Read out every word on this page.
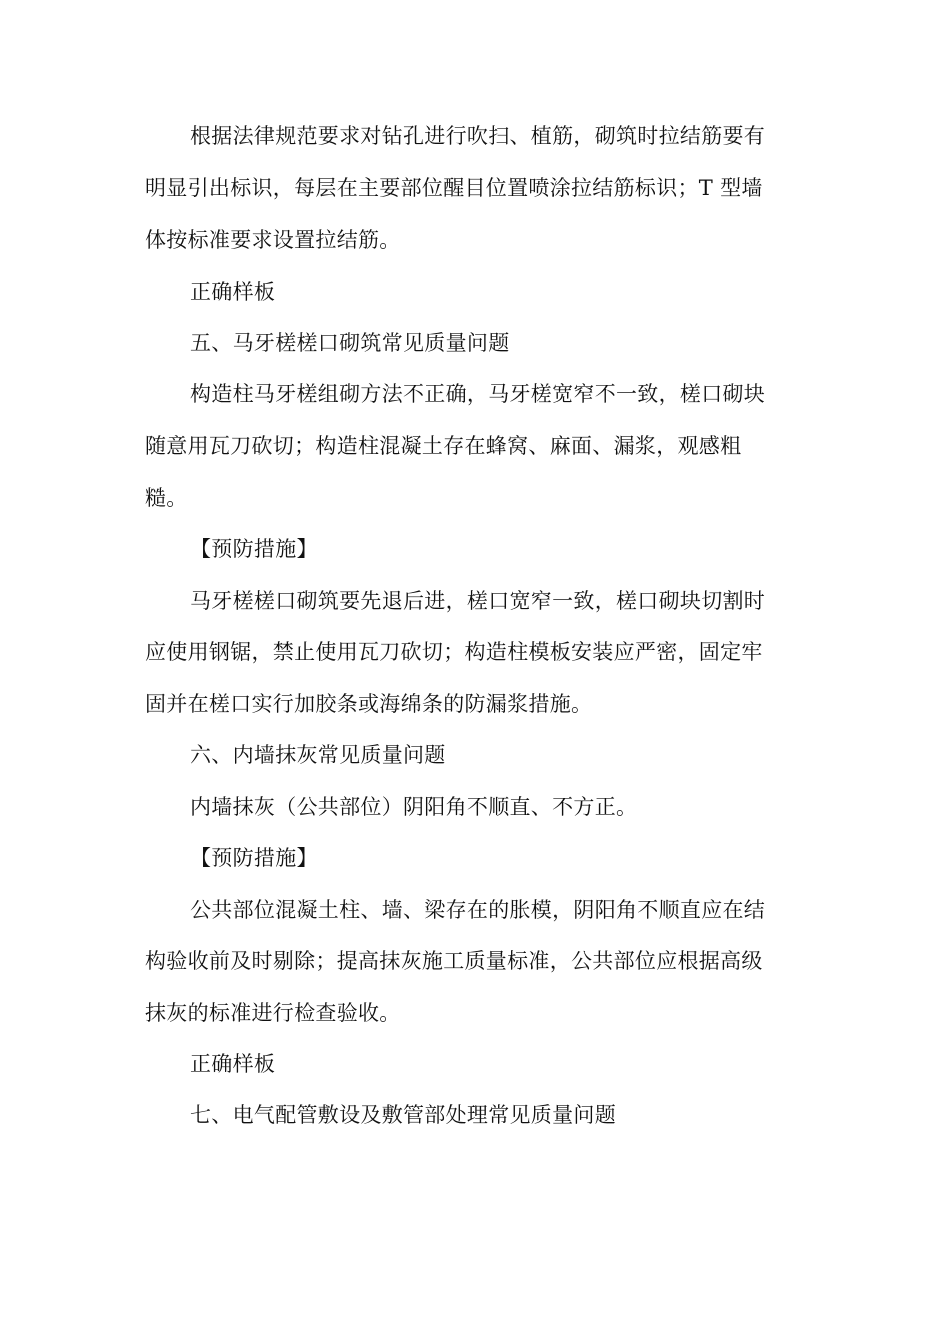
根据法律规范要求对钻孔进行吹扫、植筋，砌筑时拉结筋要有
明显引出标识，每层在主要部位醒目位置喷涂拉结筋标识；T 型墙
体按标准要求设置拉结筋。
正确样板
五、马牙槎槎口砌筑常见质量问题
构造柱马牙槎组砌方法不正确，马牙槎宽窄不一致，槎口砌块
随意用瓦刀砍切；构造柱混凝土存在蜂窝、麻面、漏浆，观感粗
糙。
【预防措施】
马牙槎槎口砌筑要先退后进，槎口宽窄一致，槎口砌块切割时
应使用钢锯，禁止使用瓦刀砍切；构造柱模板安装应严密，固定牢
固并在槎口实行加胶条或海绵条的防漏浆措施。
六、内墙抹灰常见质量问题
内墙抹灰（公共部位）阴阳角不顺直、不方正。
【预防措施】
公共部位混凝土柱、墙、梁存在的胀模，阴阳角不顺直应在结
构验收前及时剔除；提高抹灰施工质量标准，公共部位应根据高级
抹灰的标准进行检查验收。
正确样板
七、电气配管敷设及敷管部处理常见质量问题
